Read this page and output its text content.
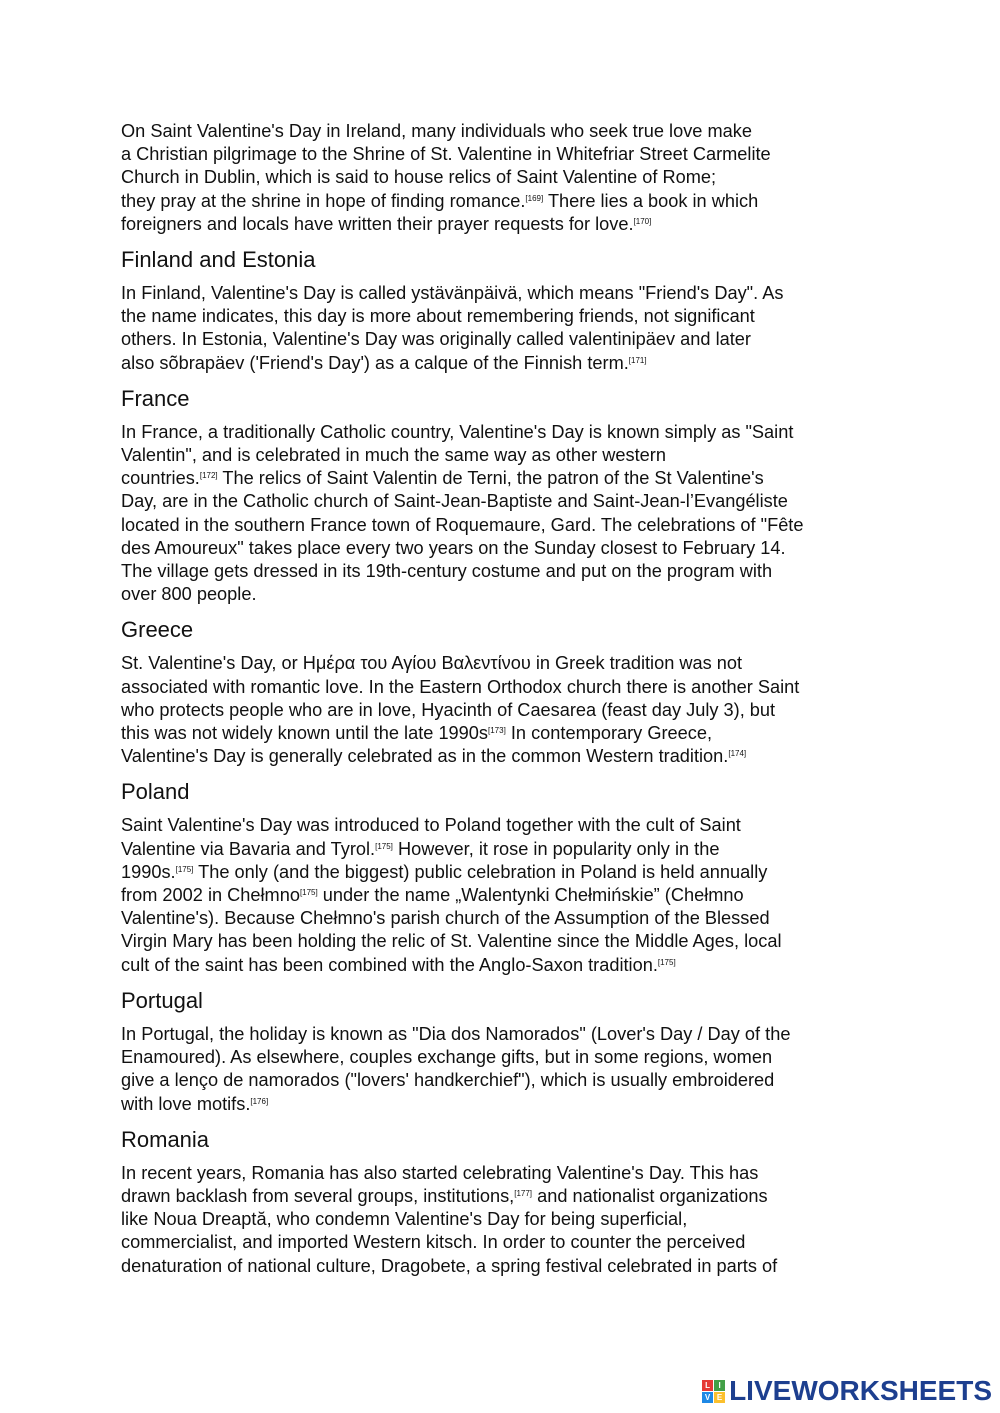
On Saint Valentine's Day in Ireland, many individuals who seek true love make
a Christian pilgrimage to the Shrine of St. Valentine in Whitefriar Street Carmelite
Church in Dublin, which is said to house relics of Saint Valentine of Rome;
they pray at the shrine in hope of finding romance.[169] There lies a book in which
foreigners and locals have written their prayer requests for love.[170]

Finland and Estonia

In Finland, Valentine's Day is called ystävänpäivä, which means "Friend's Day". As
the name indicates, this day is more about remembering friends, not significant
others. In Estonia, Valentine's Day was originally called valentinipäev and later
also sõbrapäev ('Friend's Day') as a calque of the Finnish term.[171]

France

In France, a traditionally Catholic country, Valentine's Day is known simply as "Saint
Valentin", and is celebrated in much the same way as other western
countries.[172] The relics of Saint Valentin de Terni, the patron of the St Valentine's
Day, are in the Catholic church of Saint-Jean-Baptiste and Saint-Jean-l’Evangéliste
located in the southern France town of Roquemaure, Gard. The celebrations of "Fête
des Amoureux" takes place every two years on the Sunday closest to February 14.
The village gets dressed in its 19th-century costume and put on the program with
over 800 people.

Greece

St. Valentine's Day, or Ημέρα του Αγίου Βαλεντίνου in Greek tradition was not
associated with romantic love. In the Eastern Orthodox church there is another Saint
who protects people who are in love, Hyacinth of Caesarea (feast day July 3), but
this was not widely known until the late 1990s[173] In contemporary Greece,
Valentine's Day is generally celebrated as in the common Western tradition.[174]

Poland

Saint Valentine's Day was introduced to Poland together with the cult of Saint
Valentine via Bavaria and Tyrol.[175] However, it rose in popularity only in the
1990s.[175] The only (and the biggest) public celebration in Poland is held annually
from 2002 in Chełmno[175] under the name „Walentynki Chełmińskie” (Chełmno
Valentine's). Because Chełmno's parish church of the Assumption of the Blessed
Virgin Mary has been holding the relic of St. Valentine since the Middle Ages, local
cult of the saint has been combined with the Anglo-Saxon tradition.[175]

Portugal

In Portugal, the holiday is known as "Dia dos Namorados" (Lover's Day / Day of the
Enamoured). As elsewhere, couples exchange gifts, but in some regions, women
give a lenço de namorados ("lovers' handkerchief"), which is usually embroidered
with love motifs.[176]

Romania

In recent years, Romania has also started celebrating Valentine's Day. This has
drawn backlash from several groups, institutions,[177] and nationalist organizations
like Noua Dreaptă, who condemn Valentine's Day for being superficial,
commercialist, and imported Western kitsch. In order to counter the perceived
denaturation of national culture, Dragobete, a spring festival celebrated in parts of

L	I
V E LIVEWORKSHEETS
